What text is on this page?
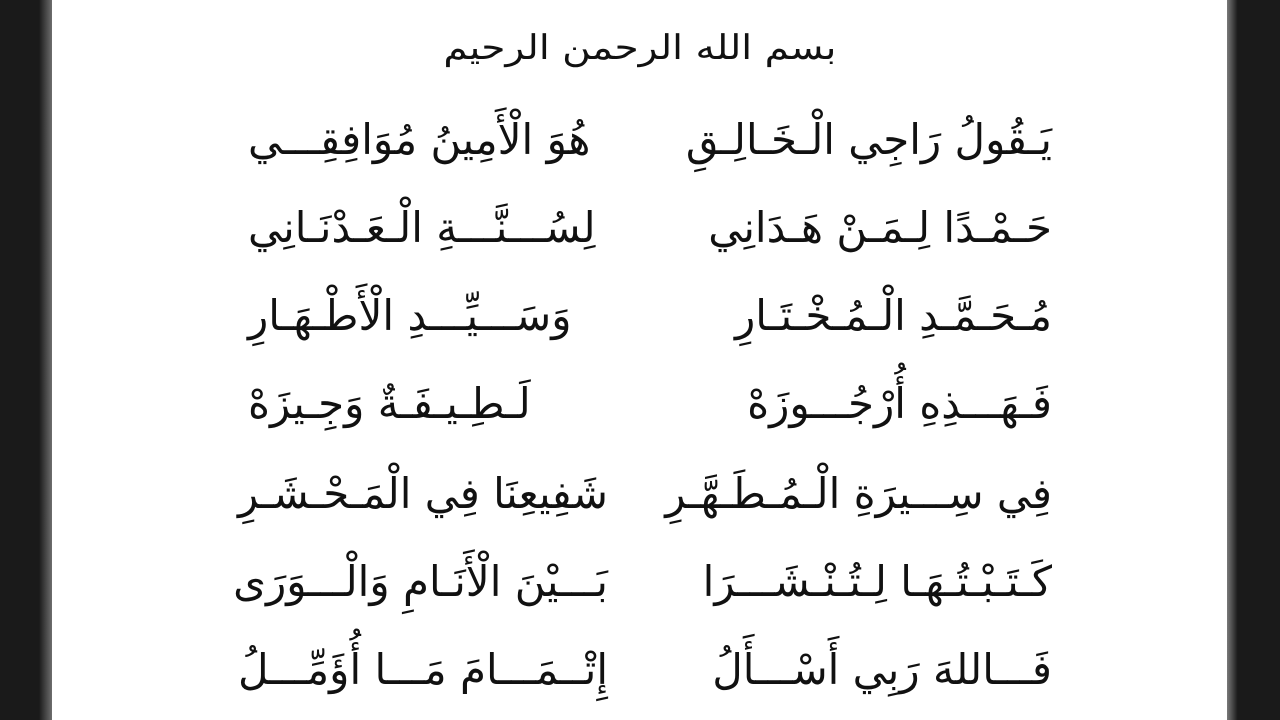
بسم الله الرحمن الرحيم
يَـقُولُ رَاجِي الْـخَـالِـقِ
هُوَ الْأَمِينُ مُوَافِقِـــي
حَـمْـدًا لِـمَـنْ هَـدَانِي
لِسُـــنَّـــةِ الْـعَـدْنَـانِي
مُـحَـمَّـدِ الْـمُـخْـتَـارِ
وَسَـــيِّـــدِ الْأَطْـهَـارِ
فَـهَـــذِهِ أُرْجُـــوزَهْ
لَـطِـيـفَـةٌ وَجِـيزَهْ
فِي سِـــيرَةِ الْـمُـطَـهَّـرِ
شَفِيعِنَا فِي الْمَـحْـشَـرِ
كَـتَـبْـتُـهَـا لِـتُـنْـشَـــرَا
بَـــيْنَ الْأَنَـامِ وَالْـــوَرَى
فَـــاللهَ رَبِي أَسْـــأَلُ
إِتْــمَـــامَ مَـــا أُؤَمِّـــلُ
